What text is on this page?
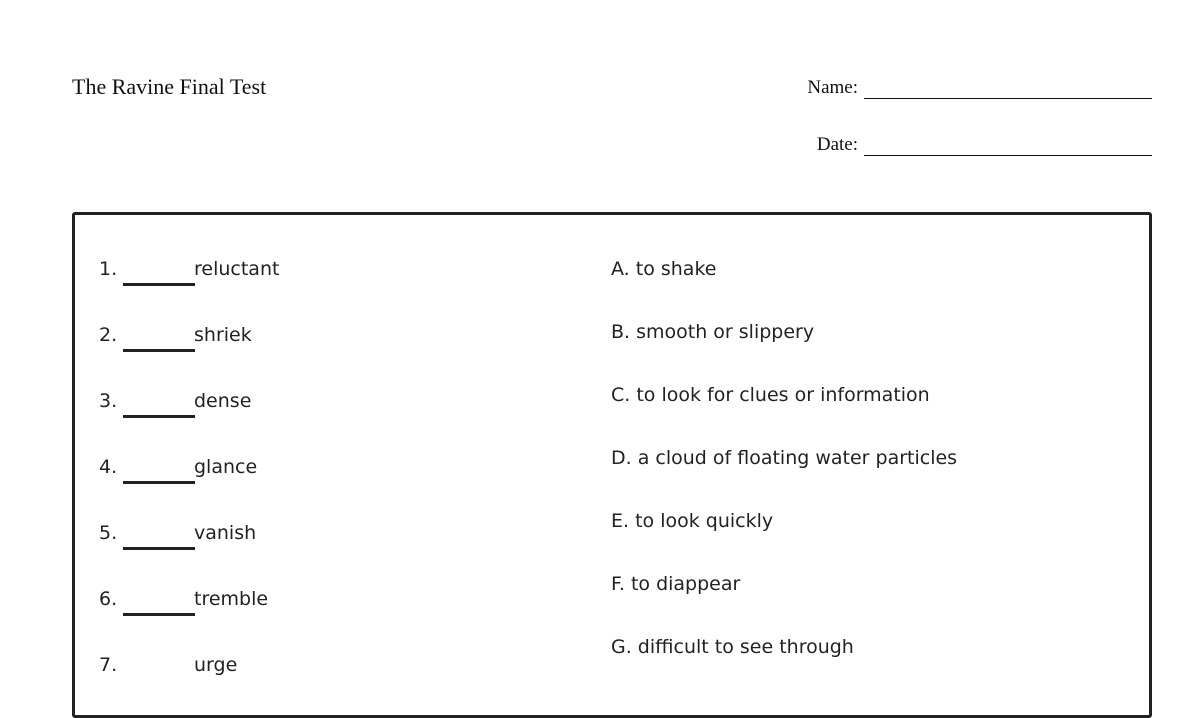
The Ravine Final Test	Name:
Date:
1.	reluctant
2.	shriek
3.	dense
4.	glance
5.	vanish
6.	tremble
7.	urge
A. to shake
B. smooth or slippery
C. to look for clues or information
D. a cloud of floating water particles
E. to look quickly
F. to diappear
G. difficult to see through
